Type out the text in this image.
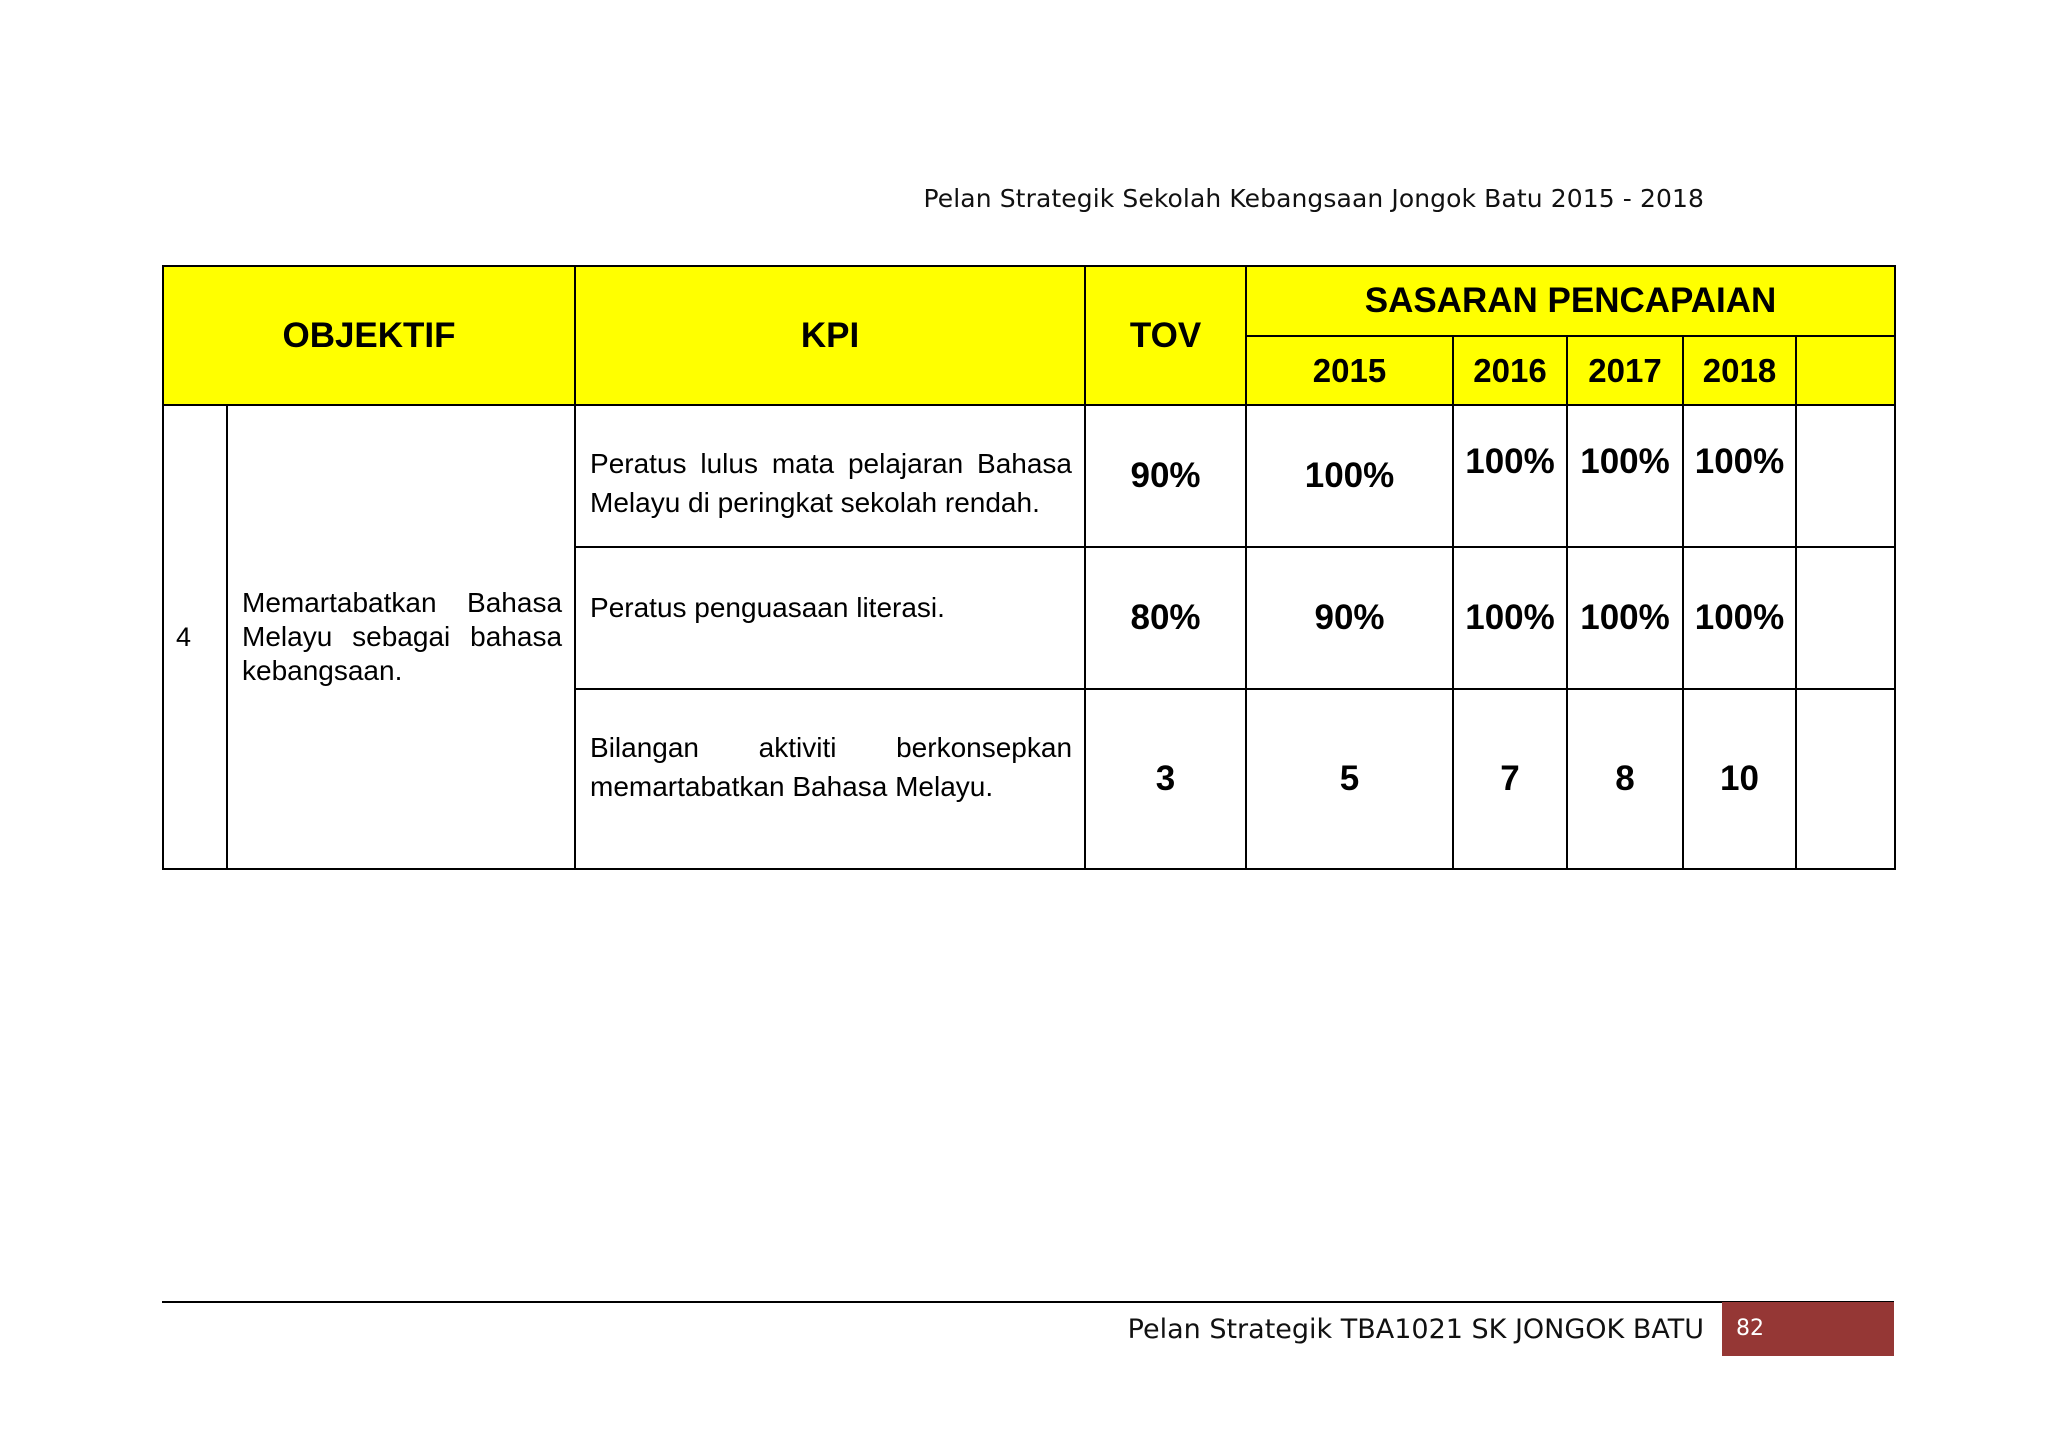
Pelan Strategik Sekolah Kebangsaan Jongok Batu 2015 - 2018
OBJEKTIF		KPI	TOV	SASARAN PENCAPAIAN				
				2015	2016	2017	2018	
4	Memartabatkan Bahasa Melayu sebagai bahasa kebangsaan.	Peratus lulus mata pelajaran Bahasa Melayu di peringkat sekolah rendah.	90%	100%	100%	100%	100%	
		Peratus penguasaan literasi.	80%	90%	100%	100%	100%	
		Bilangan aktiviti berkonsepkan memartabatkan Bahasa Melayu.	3	5	7	8	10	
Pelan Strategik TBA1021 SK JONGOK BATU	82
